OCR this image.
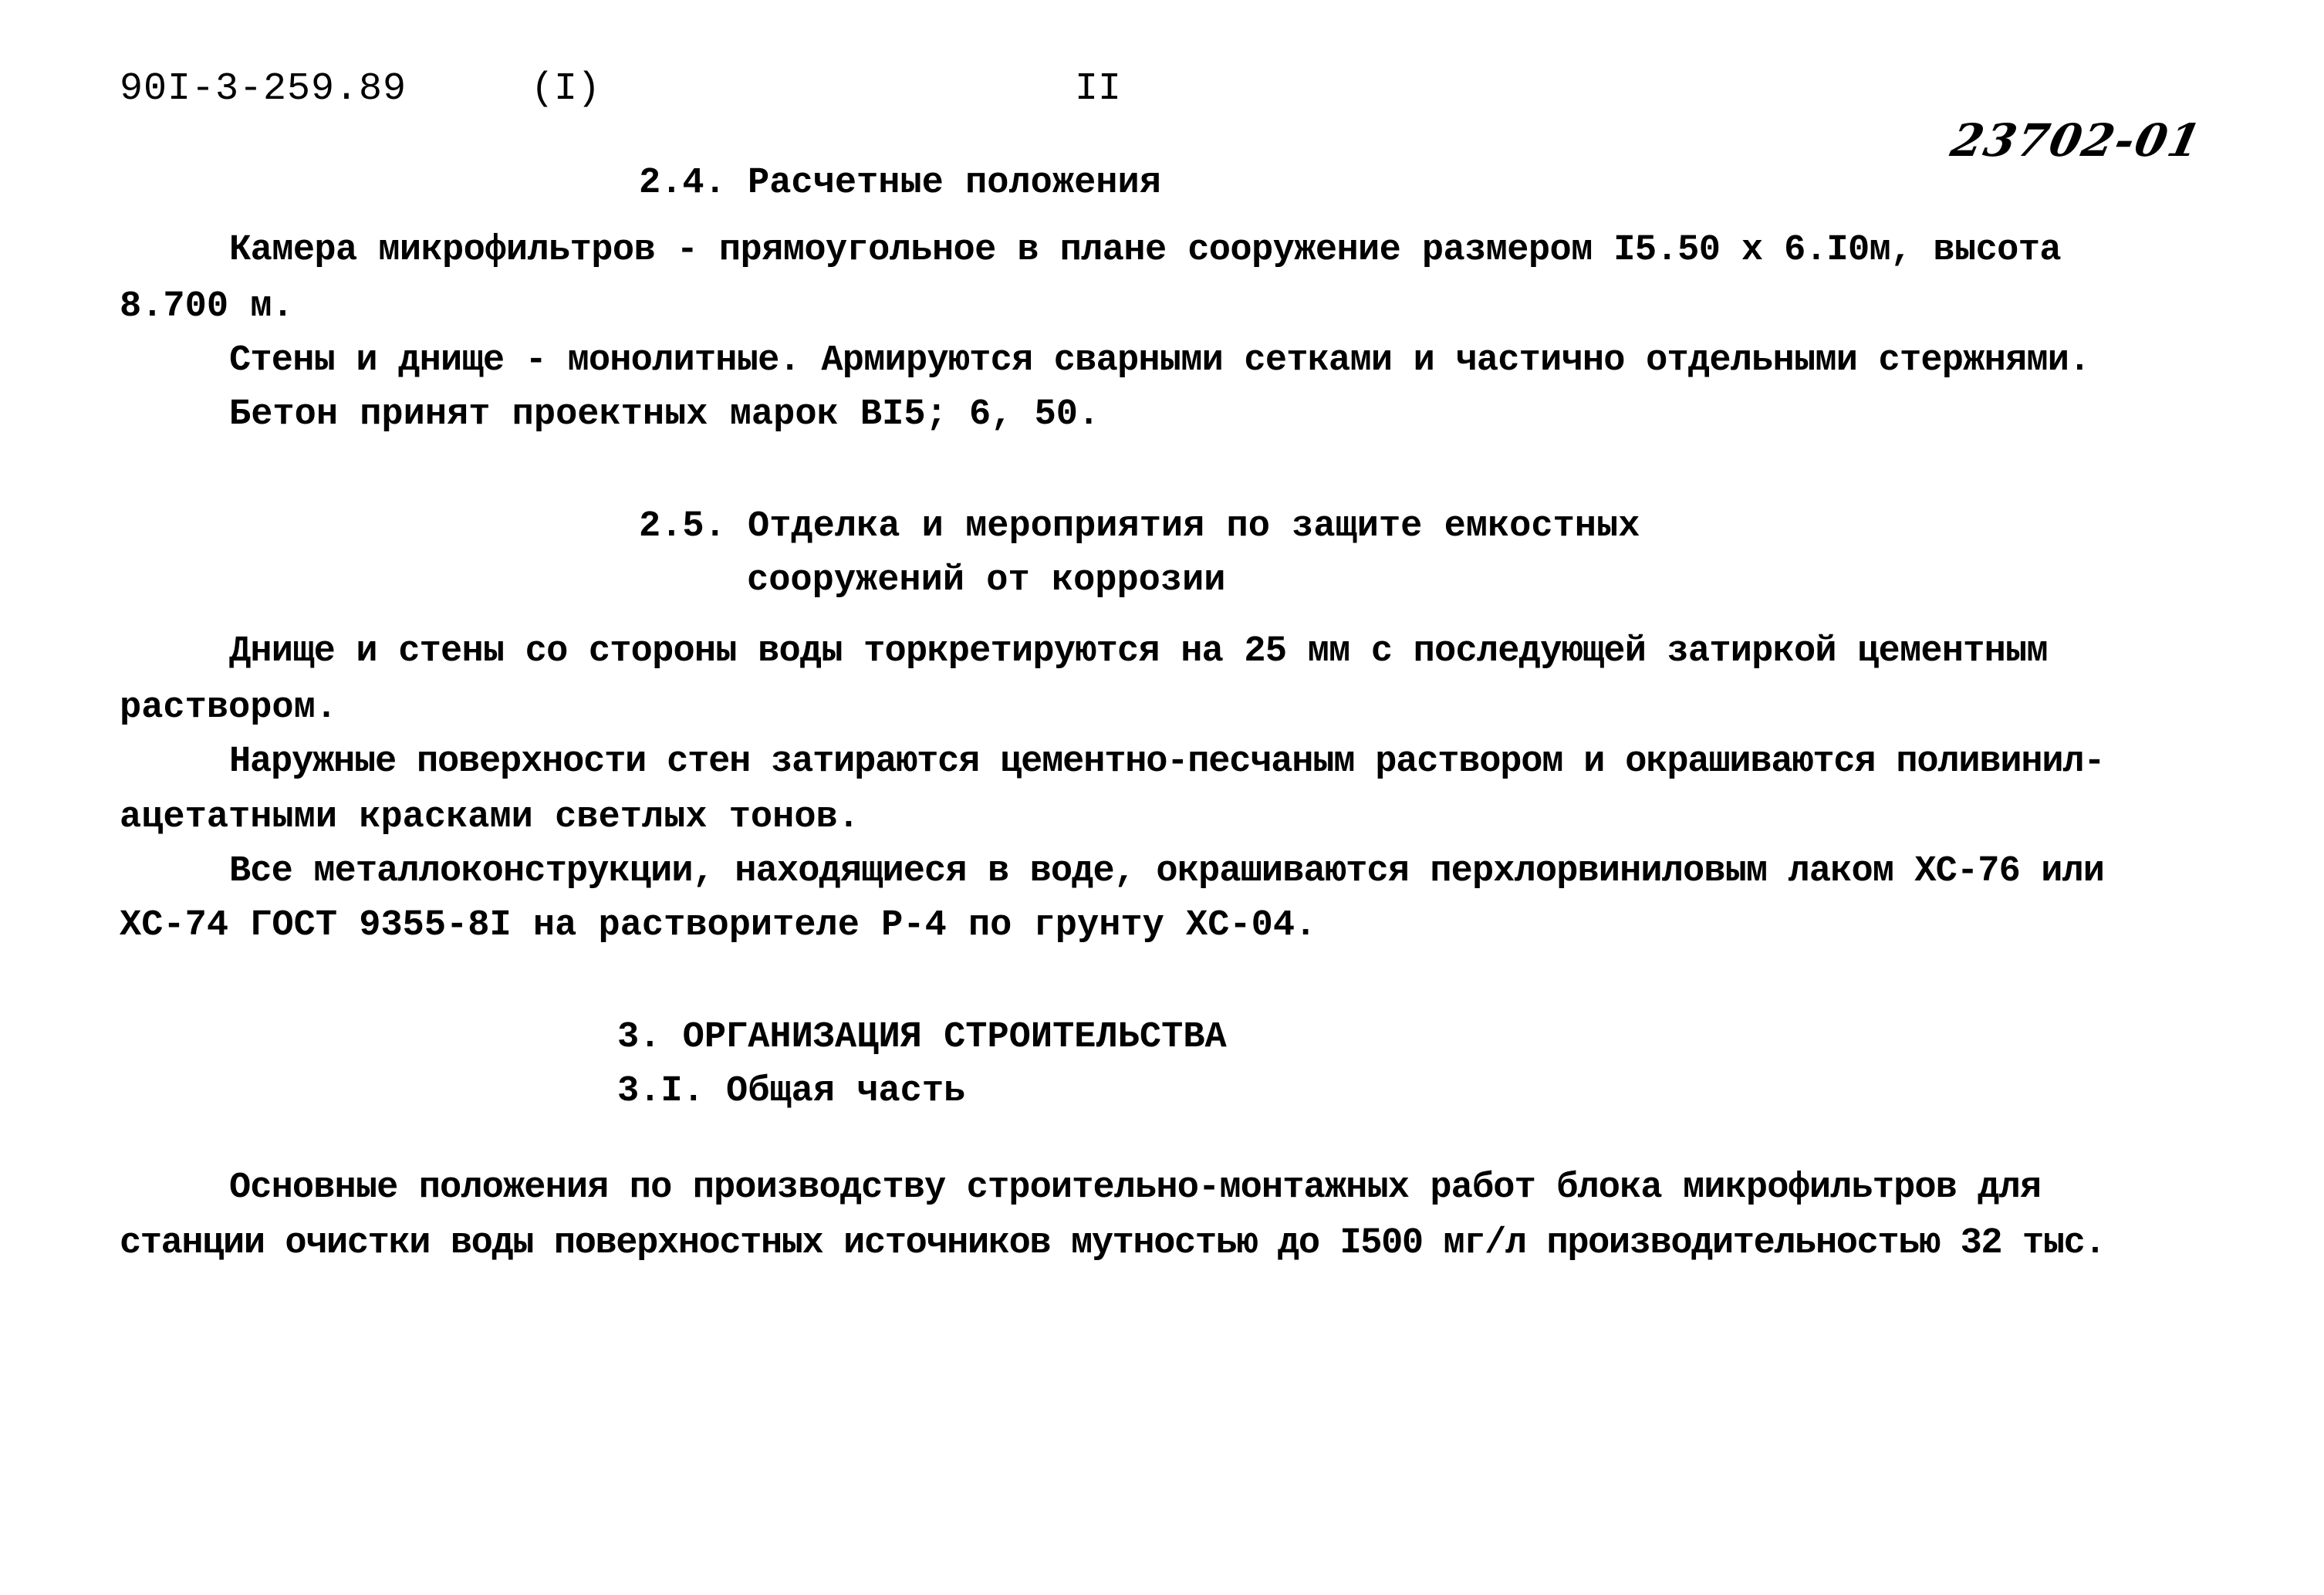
90I-3-259.89	(I)	II
23702-01
2.4. Расчетные положения
Камера микрофильтров - прямоугольное в плане сооружение размером I5.50 х 6.I0м, высота
8.700 м.
Стены и днище - монолитные. Армируются сварными сетками и частично отдельными стержнями.
Бетон принят проектных марок BI5; 6, 50.
2.5. Отделка и мероприятия по защите емкостных
сооружений от коррозии
Днище и стены со стороны воды торкретируются на 25 мм с последующей затиркой цементным
раствором.
Наружные поверхности стен затираются цементно-песчаным раствором и окрашиваются поливинил-
ацетатными красками светлых тонов.
Все металлоконструкции, находящиеся в воде, окрашиваются перхлорвиниловым лаком ХС-76 или
ХС-74 ГОСТ 9355-8I на растворителе Р-4 по грунту ХС-04.
3. ОРГАНИЗАЦИЯ СТРОИТЕЛЬСТВА
3.I. Общая часть
Основные положения по производству строительно-монтажных работ блока микрофильтров для
станции очистки воды поверхностных источников мутностью до I500 мг/л производительностью 32 тыс.
